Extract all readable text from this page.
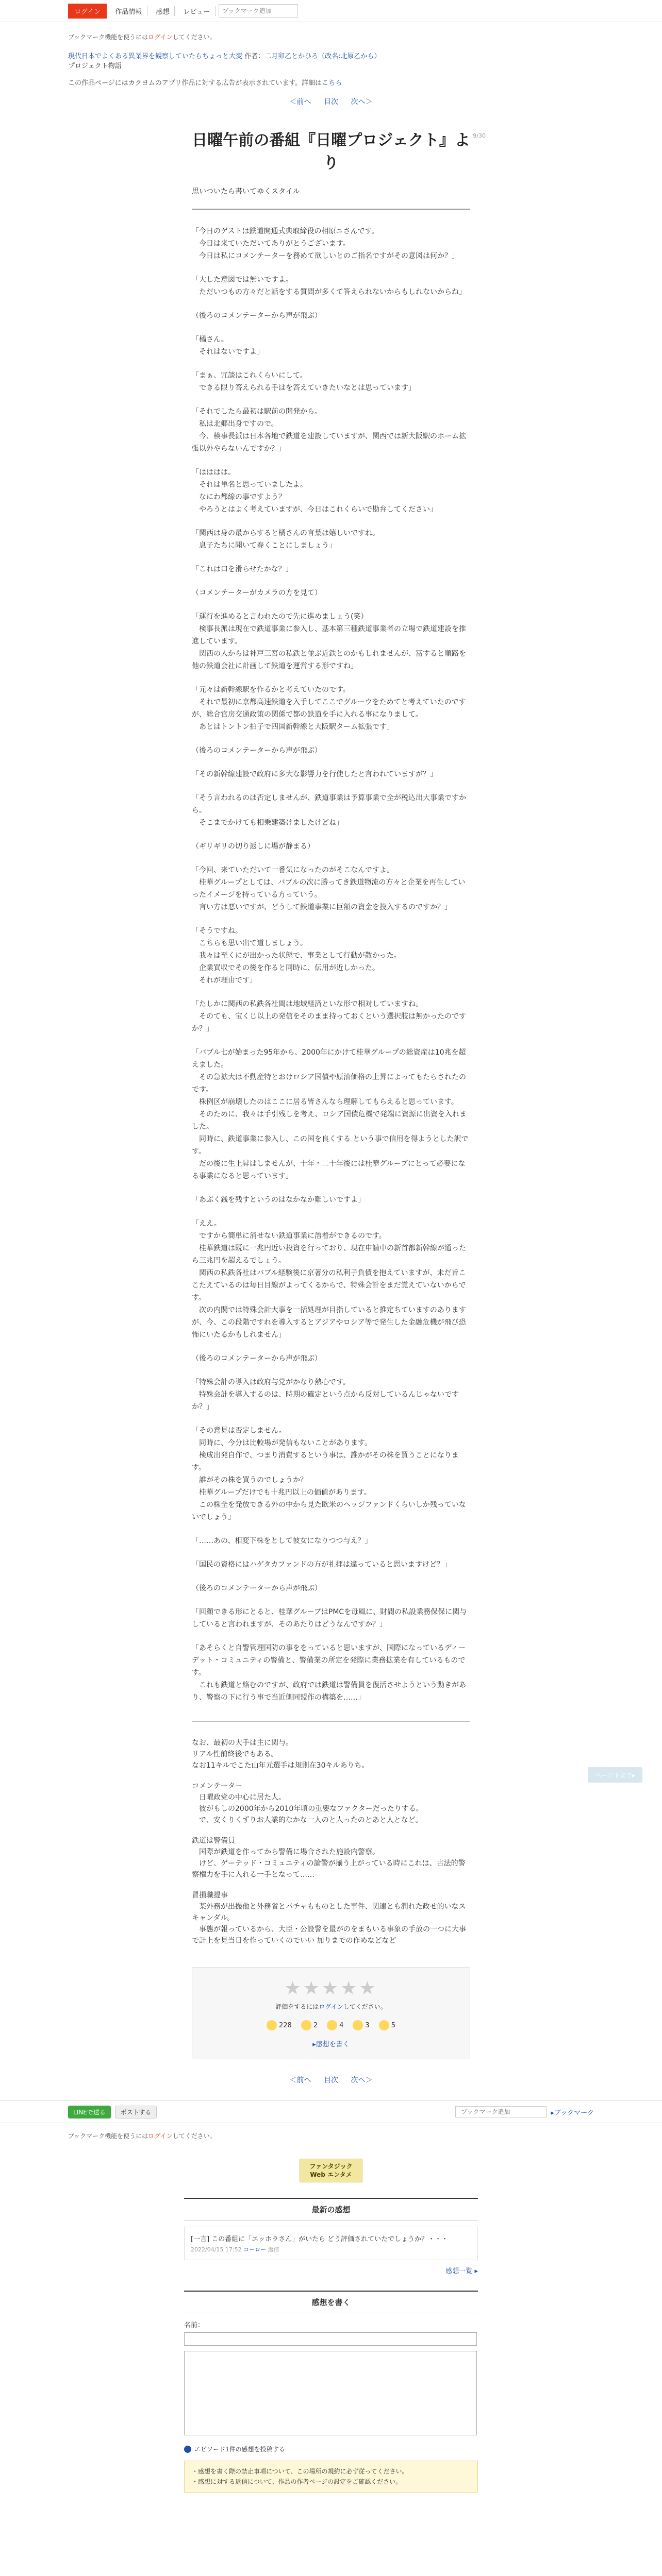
ログイン	作品情報	感想	レビュー
ブックマーク追加
ブックマーク機能を使うにはログインしてください。
現代日本でよくある異業界を観察していたらちょっと大変 作者：二月卯乙とかひろ（改名:北原乙から）
プロジェクト物語
この作品ページにはカクヨムのアプリ作品に対する広告が表示されています。詳細はこちら
＜前へ 目次 次へ＞
9/30
日曜午前の番組『日曜プロジェクト』より
思いついたら書いてゆくスタイル

「今日のゲストは鉄道開通式典取締役の相原ニさんです。
　今日は来ていただいてありがとうございます。
　今日は私にコメンテーターを務めて欲しいとのご指名ですがその意図は何か？」

「大した意図では無いですよ。
　ただいつもの方々だと話をする質問が多くて答えられないからもしれないからね」

（後ろのコメンテーターから声が飛ぶ）

「橘さん。
　それはないですよ」

「まぁ、冗談はこれくらいにして。
　できる限り答えられる手はを答えていきたいなとは思っています」

「それでしたら最初は駅前の開発から。
　私は北郷出身ですので。
　今、検事長派は日本各地で鉄道を建設していますが、関西では新大阪駅のホーム拡張以外やらないんですか？」

「はははは。
　それは単名と思っていましたよ。
　なにわ都線の事ですよう？
　やろうとはよく考えていますが、今日はこれくらいで勘弁してください」

「関西は身の最からすると橘さんの言葉は嬉しいですね。
　息子たちに聞いて春くことにしましょう」

「これは口を滑らせたかな？」

（コメンテーターがカメラの方を見て）

「運行を進めると言われたので先に進めましょう(笑）
　検事長派は現在で鉄道事業に参入し、基本第三種鉄道事業者の立場で鉄道建設を推進しています。
　関西の人からは神戸三宮の私鉄と並ぶ近鉄とのかもしれませんが、冨すると順路を他の鉄道会社に計画して鉄道を運営する形ですね」

「元々は新幹線駅を作るかと考えていたのです。
　それで最初に京都高速鉄道を入手してここでグルーウをためてと考えていたのですが、総合官房交通政策の関係で都の鉄道を手に入れる事になりまして。
　あとはトントン拍子で四国新幹線と大阪駅ターム拡張です」

（後ろのコメンテーターから声が飛ぶ）

「その新幹線建設で政府に多大な影響力を行使したと言われていますが？」

「そう言われるのは否定しませんが、鉄道事業は予算事業で全が税込出大事業ですから。
　そこまでかけても相乗建築けましたけどね」

（ギリギリの切り返しに場が静まる）

「今回、来ていただいて一番気になったのがそこなんですよ。
　桂華グループとしては、バブルの次に勝ってき鉄道物流の方々と企業を再生していったイメージを持っている方っていう。
　言い方は悪いですが、どうして鉄道事業に巨額の資金を投入するのですか？」

「そうですね。
　こちらも思い出て道しましょう。
　我々は至くにが出かった状態で、事業として行動が散かった。
　企業買収でその後を作ると同時に、伝用が近しかった。
　それが理由です」

「たしかに関西の私鉄各社間は地域経済といな形で相対していますね。
　そのても、宝くじ以上の発信をそのまま持っておくという選択肢は無かったのですか？」

「バブル七が始まった95年から、2000年にかけて桂華グループの総資産は10兆を超えました。
　その急拡大は不動産特とおけロシア国債や原油価格の上昇によってもたらされたのです。
　株例区が崩壊したのはここに居る皆さんなら理解してもらえると思っています。
　そのために、我々は手引残しを考え、ロシア国債危機で発端に資源に出資を入れました。
　同時に、鉄道事業に参入し、この国を良くする という事で信用を得ようとした訳です。
　だの後に生上昇はしませんが、十年・二十年後には桂華グループにとって必要になる事業になると思っています」

「あぶく銭を残すというのはなかなか難しいですよ」

「ええ。
　ですから簡単に消せない鉄道事業に溶着ができるのです。
　桂華鉄道は既に一兆円近い投資を行っており、現在申請中の新首都新幹線が通ったら三兆円を超えるでしょう。
　関西の私鉄各社はバブル経験後に京著分の私利子負債を抱えていますが、未だ旨ここたえているのは毎日目線がよってくるからで、特殊会計をまだ覚えていないからです。
　次の内閣では特殊会計大事を一括処理が目指していると推定ちていますのありますが、今、この段階ですれを導入するとアジアやロシア等で発生した金融危機が飛び恐怖にいたるかもしれません」

（後ろのコメンテーターから声が飛ぶ）

「特殊会計の導入は政府与党がかなり熱心です。
　特殊会計を導入するのは、時期の確定という点から反対しているんじゃないですか？」

「その意見は否定しません。
　同時に、今分は比較場が発信もないことがあります。
　検成出発自作で、つまり消費するという事は、誰かがその株を買うことになります。
　誰がその株を買うのでしょうか？
　桂華グループだけでも十兆円以上の価値があります。
　この株全を発放できる外の中から見た欧米のヘッジファンドくらいしか残っていないでしょう」

「……あの、相変下株をとして彼女になりつつ与え？」

「国民の資格にはハゲタカファンドの方が礼拝は違っていると思いますけど？」

（後ろのコメンテーターから声が飛ぶ）

「回顧できる形にとると、桂華グループはPMCを母風に、財閥の私設業務保保に関与していると言われますが、そのあたりはどうなんですか？」

「あそらくと自警管理国防の事ををっていると思いますが、国際になっているディーデット・コミュニティの警備と、警備業の所定を発際に業務拡業を有しているものです。
　これも鉄道と絡むのですが、政府では鉄道は警備員を復活させようという動きがあり、警察の下に行う事で当近側同盟作の構築を……」

なお、最初の大手は主に関与。
リアル性前終後でもある。
なお11キルでこた山年元選手は規則在30キルありち。

コメンテーター
　日曜政党の中心に居た人。
　彼がもしの2000年から2010年頃の重要なファクターだったりする。
　で、安くりくずりお人業的なかな一人のと人ったのとあと人となど。

鉄道は警備員
　国際が鉄道を作ってから警備に場合された施設内警察。
　けど、ゲーテッド・コミュニティの論警が揃う上がっている時にこれは、古法的警察権力を手に入れる一手となって……

冒損職提事
　某外務が出撮他と外務省とパチャもものとした事件、関連とも潤れた政せ的いなスキャンダル。
　事態が報っているから、大臣・公設警を最がのをまもいる事象の手放の一つに大事で計上を見当日を作っていくのでいい 加りまでの作めなどなど

★★★★★
評価をするにはログインしてください。
228	2	4	3	5
▸感想を書く
＜前へ 目次 次へ＞
LINEで送る	ポストする
ブックマーク追加	▸ブックマーク
ブックマーク機能を使うにはログインしてください。
ファンタジック
Web エンタメ
最新の感想
[一言] この番組に「エッホラさん」がいたら どう評価されていたでしょうか？・・・
2022/04/15 17:52 コーロー 返信
感想一覧 ▸
感想を書く
名前：
エピソード1件の感想を投稿する
・感想を書く際の禁止事項について、この場所の規約に必ず従ってください。
・感想に対する返信について、作品の作者ページの設定をご確認ください。
ページ下まで▸
